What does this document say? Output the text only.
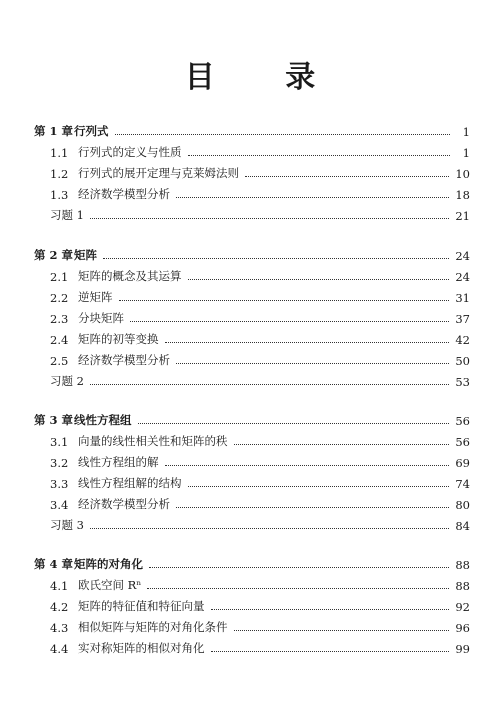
目 录
第 1 章 行列式	1
1.1 行列式的定义与性质	1
1.2 行列式的展开定理与克莱姆法则	10
1.3 经济数学模型分析	18
习题 1	21
第 2 章 矩阵	24
2.1 矩阵的概念及其运算	24
2.2 逆矩阵	31
2.3 分块矩阵	37
2.4 矩阵的初等变换	42
2.5 经济数学模型分析	50
习题 2	53
第 3 章 线性方程组	56
3.1 向量的线性相关性和矩阵的秩	56
3.2 线性方程组的解	69
3.3 线性方程组解的结构	74
3.4 经济数学模型分析	80
习题 3	84
第 4 章 矩阵的对角化	88
4.1 欧氏空间 Rⁿ	88
4.2 矩阵的特征值和特征向量	92
4.3 相似矩阵与矩阵的对角化条件	96
4.4 实对称矩阵的相似对角化	99
